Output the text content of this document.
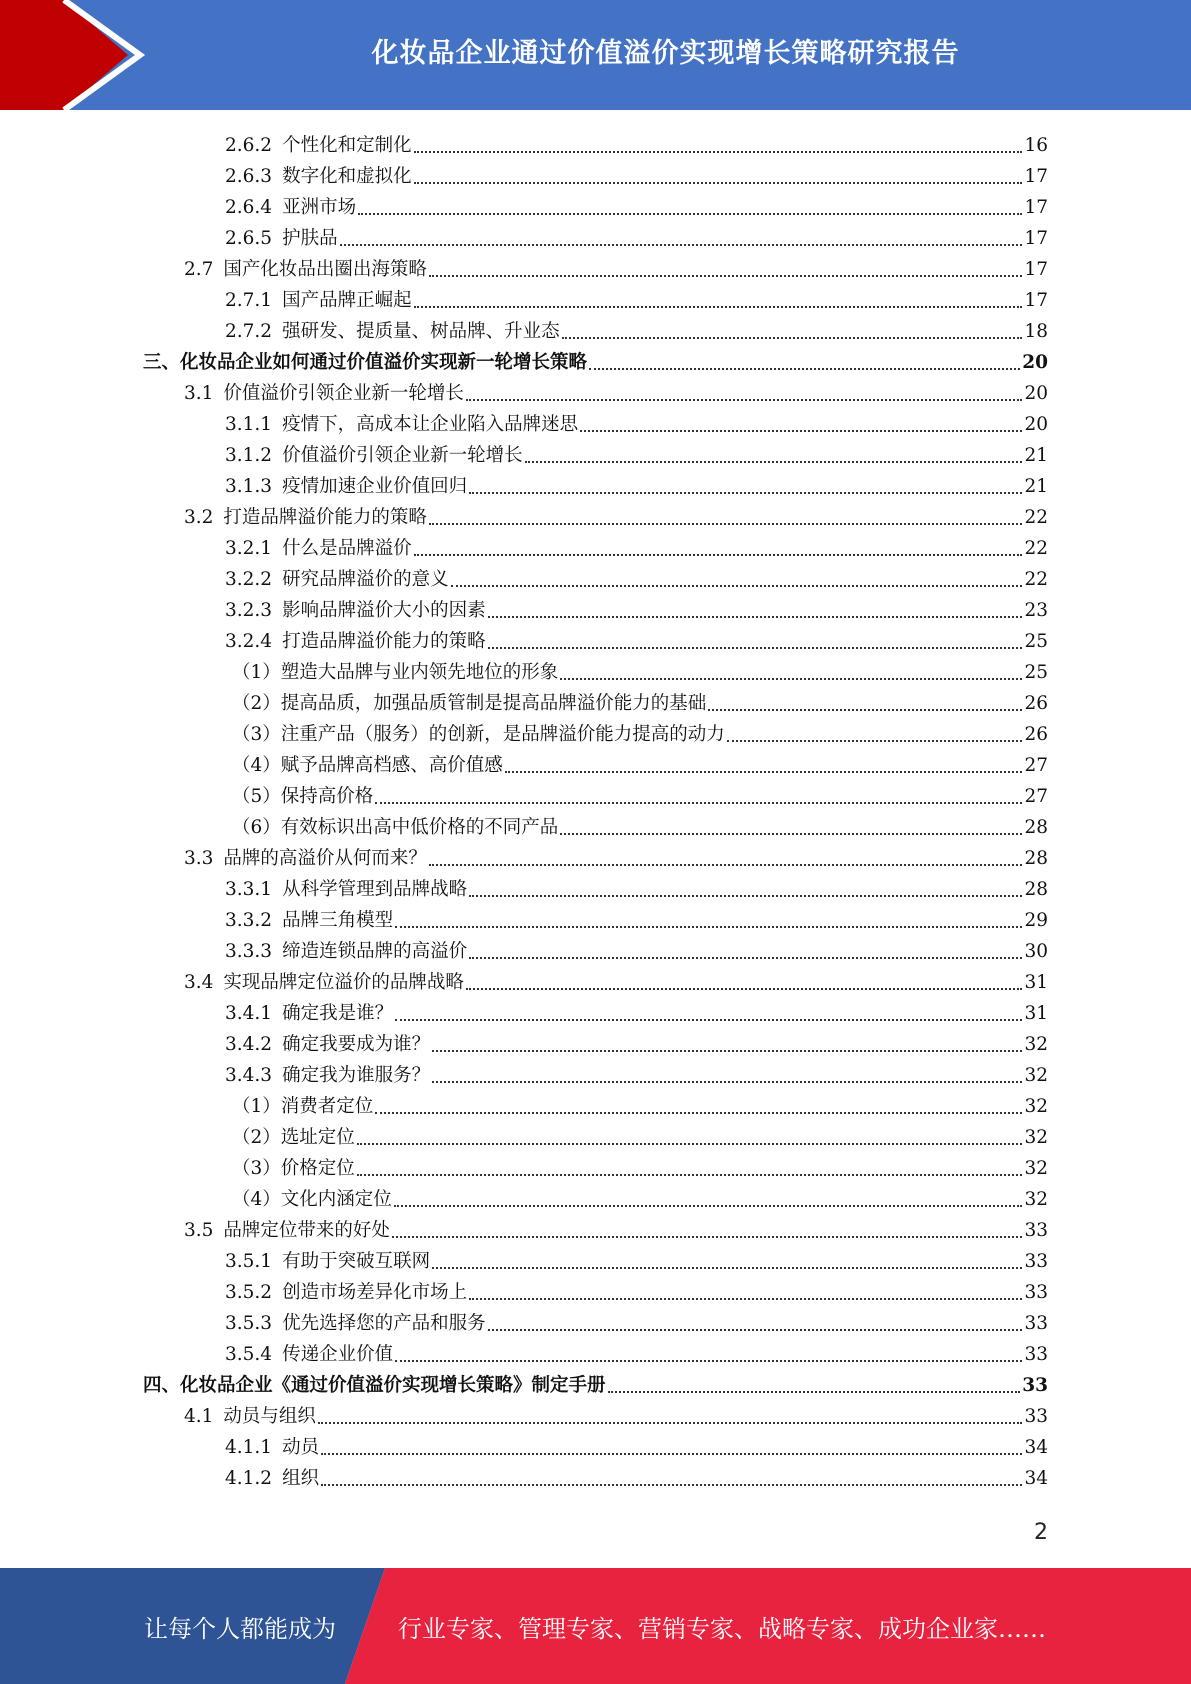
化妆品企业通过价值溢价实现增长策略研究报告
2.6.2 个性化和定制化	16
2.6.3 数字化和虚拟化	17
2.6.4 亚洲市场	17
2.6.5 护肤品	17
2.7 国产化妆品出圈出海策略	17
2.7.1 国产品牌正崛起	17
2.7.2 强研发、提质量、树品牌、升业态	18
三、化妆品企业如何通过价值溢价实现新一轮增长策略	20
3.1 价值溢价引领企业新一轮增长	20
3.1.1 疫情下，高成本让企业陷入品牌迷思	20
3.1.2 价值溢价引领企业新一轮增长	21
3.1.3 疫情加速企业价值回归	21
3.2 打造品牌溢价能力的策略	22
3.2.1 什么是品牌溢价	22
3.2.2 研究品牌溢价的意义	22
3.2.3 影响品牌溢价大小的因素	23
3.2.4 打造品牌溢价能力的策略	25
（1）塑造大品牌与业内领先地位的形象	25
（2）提高品质，加强品质管制是提高品牌溢价能力的基础	26
（3）注重产品（服务）的创新，是品牌溢价能力提高的动力	26
（4）赋予品牌高档感、高价值感	27
（5）保持高价格	27
（6）有效标识出高中低价格的不同产品	28
3.3 品牌的高溢价从何而来？	28
3.3.1 从科学管理到品牌战略	28
3.3.2 品牌三角模型	29
3.3.3 缔造连锁品牌的高溢价	30
3.4 实现品牌定位溢价的品牌战略	31
3.4.1 确定我是谁？	31
3.4.2 确定我要成为谁？	32
3.4.3 确定我为谁服务？	32
（1）消费者定位	32
（2）选址定位	32
（3）价格定位	32
（4）文化内涵定位	32
3.5 品牌定位带来的好处	33
3.5.1 有助于突破互联网	33
3.5.2 创造市场差异化市场上	33
3.5.3 优先选择您的产品和服务	33
3.5.4 传递企业价值	33
四、化妆品企业《通过价值溢价实现增长策略》制定手册	33
4.1 动员与组织	33
4.1.1 动员	34
4.1.2 组织	34
2
让每个人都能成为	行业专家、管理专家、营销专家、战略专家、成功企业家……
